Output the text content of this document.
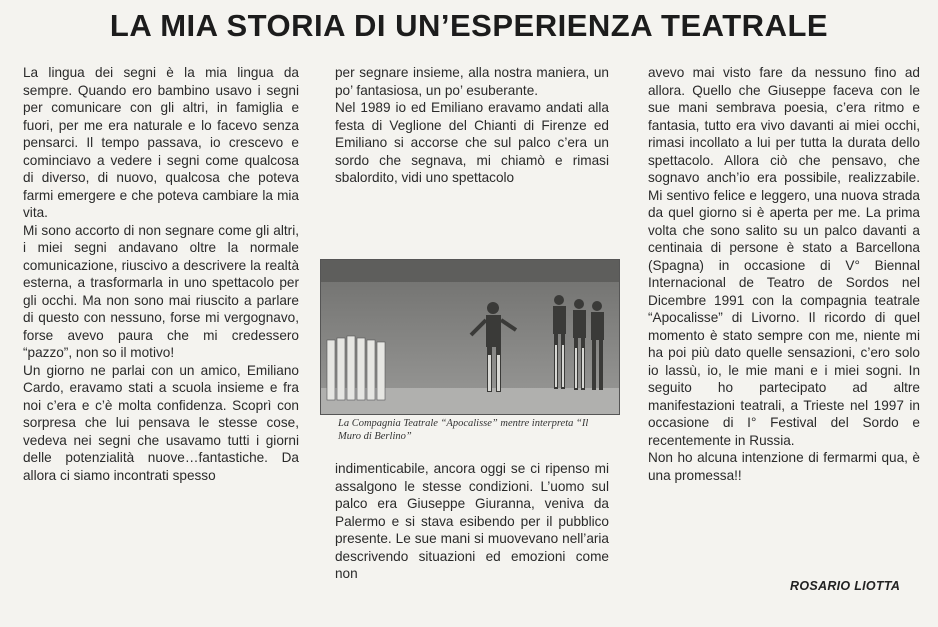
LA MIA STORIA DI UN’ESPERIENZA TEATRALE

La lingua dei segni è la mia lingua da sempre. Quando ero bambino usavo i segni per comunicare con gli altri, in famiglia e fuori, per me era naturale e lo facevo senza pensarci. Il tempo passava, io crescevo e cominciavo a vedere i segni come qualcosa di diverso, di nuovo, qualcosa che poteva farmi emergere e che poteva cambiare la mia vita.

Mi sono accorto di non segnare come gli altri, i miei segni andavano oltre la normale comunicazione, riuscivo a descrivere la realtà esterna, a trasformarla in uno spettacolo per gli occhi. Ma non sono mai riuscito a parlare di questo con nessuno, forse mi vergognavo, forse avevo paura che mi credessero “pazzo”, non so il motivo!

Un giorno ne parlai con un amico, Emiliano Cardo, eravamo stati a scuola insieme e fra noi c’era e c’è molta confidenza. Scoprì con sorpresa che lui pensava le stesse cose, vedeva nei segni che usavamo tutti i giorni delle potenzialità nuove…fantastiche. Da allora ci siamo incontrati spesso

per segnare insieme, alla nostra maniera, un po’ fantasiosa, un po’ esuberante.

Nel 1989 io ed Emiliano eravamo andati alla festa di Veglione del Chianti di Firenze ed Emiliano si accorse che sul palco c’era un sordo che segnava, mi chiamò e rimasi sbalordito, vidi uno spettacolo

La Compagnia Teatrale “Apocalisse” mentre interpreta “Il Muro di Berlino”

indimenticabile, ancora oggi se ci ripenso mi assalgono le stesse condizioni. L’uomo sul palco era Giuseppe Giuranna, veniva da Palermo e si stava esibendo per il pubblico presente. Le sue mani si muovevano nell’aria descrivendo situazioni ed emozioni come non

avevo mai visto fare da nessuno fino ad allora. Quello che Giuseppe faceva con le sue mani sembrava poesia, c’era ritmo e fantasia, tutto era vivo davanti ai miei occhi, rimasi incollato a lui per tutta la durata dello spettacolo. Allora ciò che pensavo, che sognavo anch’io era possibile, realizzabile. Mi sentivo felice e leggero, una nuova strada da quel giorno si è aperta per me. La prima volta che sono salito su un palco davanti a centinaia di persone è stato a Barcellona (Spagna) in occasione di V° Biennal Internacional de Teatro de Sordos nel Dicembre 1991 con la compagnia teatrale “Apocalisse” di Livorno. Il ricordo di quel momento è stato sempre con me, niente mi ha poi più dato quelle sensazioni, c’ero solo io lassù, io, le mie mani e i miei sogni. In seguito ho partecipato ad altre manifestazioni teatrali, a Trieste nel 1997 in occasione di I° Festival del Sordo e recentemente in Russia.

Non ho alcuna intenzione di fermarmi qua, è una promessa!!

ROSARIO LIOTTA
